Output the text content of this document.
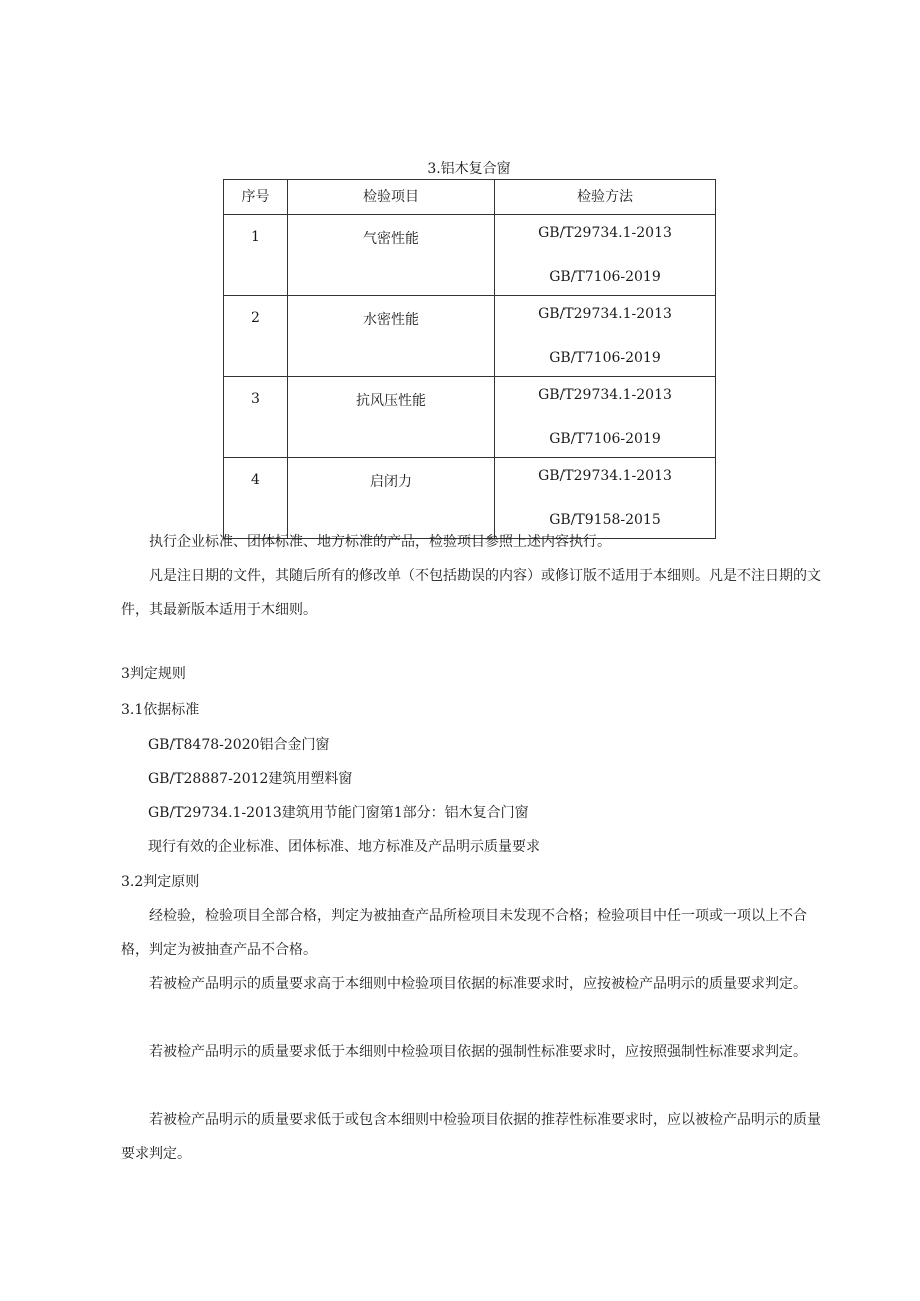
3.铝木复合窗
序号	检验项目	检验方法

1	气密性能	GB/T29734.1-2013
GB/T7106-2019

2	水密性能	GB/T29734.1-2013
GB/T7106-2019

3	抗风压性能	GB/T29734.1-2013
GB/T7106-2019

4	启闭力	GB/T29734.1-2013
GB/T9158-2015

执行企业标准、团体标准、地方标准的产品，检验项目参照上述内容执行。

凡是注日期的文件，其随后所有的修改单（不包括勘误的内容）或修订版不适用于本细则。凡是不注日期的文件，其最新版本适用于木细则。

3判定规则

3.1依据标准

GB/T8478-2020铝合金门窗

GB/T28887-2012建筑用塑料窗

GB/T29734.1-2013建筑用节能门窗第1部分：铝木复合门窗

现行有效的企业标准、团体标准、地方标准及产品明示质量要求

3.2判定原则

经检验，检验项目全部合格，判定为被抽查产品所检项目未发现不合格；检验项目中任一项或一项以上不合格，判定为被抽查产品不合格。

若被检产品明示的质量要求高于本细则中检验项目依据的标准要求时，应按被检产品明示的质量要求判定。

若被检产品明示的质量要求低于本细则中检验项目依据的强制性标准要求时，应按照强制性标准要求判定。

若被检产品明示的质量要求低于或包含本细则中检验项目依据的推荐性标准要求时，应以被检产品明示的质量要求判定。
